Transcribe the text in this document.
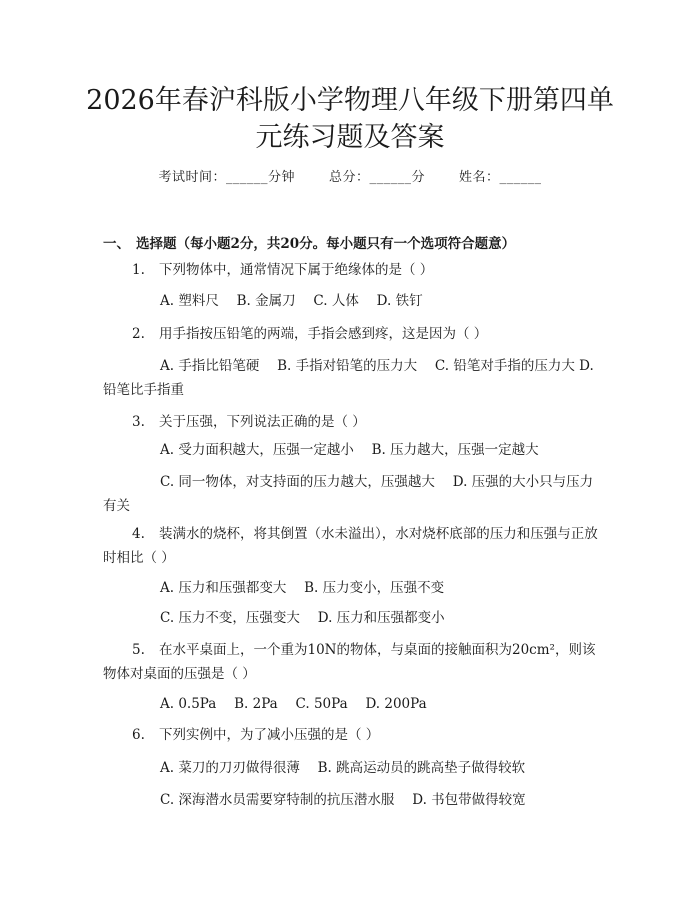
2026年春沪科版小学物理八年级下册第四单
元练习题及答案
考试时间：______分钟	总分：______分	姓名：______
一、 选择题（每小题2分，共20分。每小题只有一个选项符合题意）
1. 下列物体中，通常情况下属于绝缘体的是（ ）
A. 塑料尺　 B. 金属刀　 C. 人体　 D. 铁钉
2. 用手指按压铅笔的两端，手指会感到疼，这是因为（ ）
A. 手指比铅笔硬　 B. 手指对铅笔的压力大　 C. 铅笔对手指的压力大 D. 铅笔比手指重
3. 关于压强，下列说法正确的是（ ）
A. 受力面积越大，压强一定越小　 B. 压力越大，压强一定越大
C. 同一物体，对支持面的压力越大，压强越大　 D. 压强的大小只与压力有关
4. 装满水的烧杯，将其倒置（水未溢出），水对烧杯底部的压力和压强与正放时相比（ ）
A. 压力和压强都变大　 B. 压力变小，压强不变
C. 压力不变，压强变大　 D. 压力和压强都变小
5. 在水平桌面上，一个重为10N的物体，与桌面的接触面积为20cm²，则该物体对桌面的压强是（ ）
A. 0.5Pa　 B. 2Pa　 C. 50Pa　 D. 200Pa
6. 下列实例中，为了减小压强的是（ ）
A. 菜刀的刀刃做得很薄　 B. 跳高运动员的跳高垫子做得较软
C. 深海潜水员需要穿特制的抗压潜水服　 D. 书包带做得较宽
